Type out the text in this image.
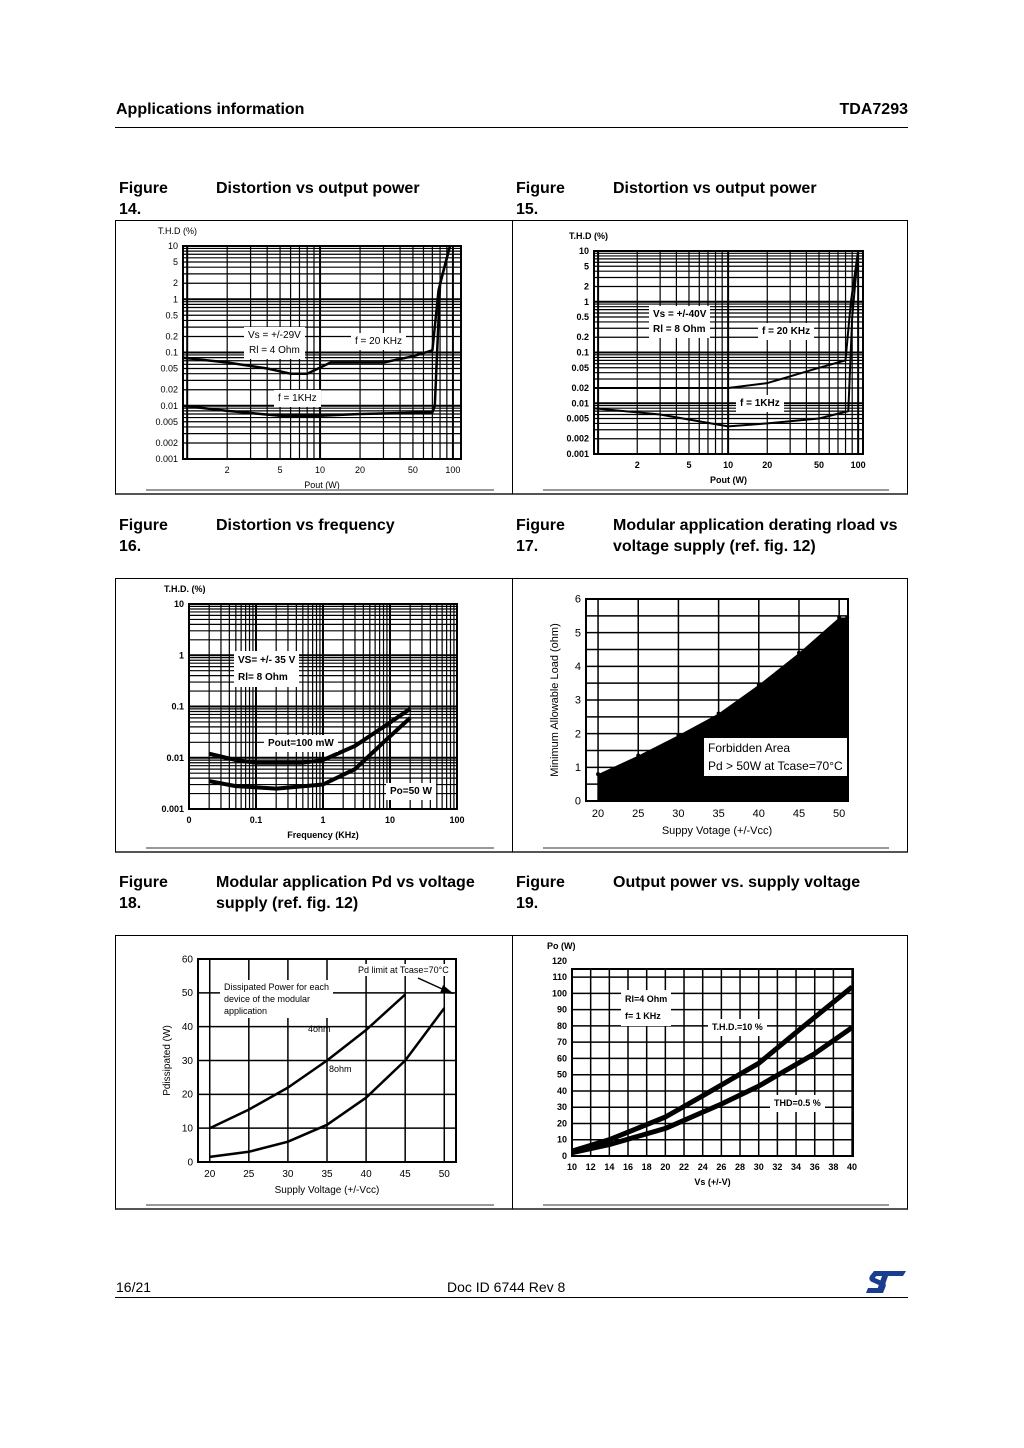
Applications information	TDA7293
Figure 14.
Distortion vs output power	Figure 15.
Distortion vs output power
Figure 16.
Distortion vs frequency	Figure 17.
Modular application derating rload vs voltage supply (ref. fig. 12)
Figure 18.
Modular application Pd vs voltage supply (ref. fig. 12)
Figure 19.
Output power vs. supply voltage
2	5	10	20	50	100
10
5
2
1
0.5
0.2
0.1
0.05
0.02
0.01
0.005
0.002
0.001
Pout (W)
T.H.D (%)
Vs = +/-29V
Rl = 4 Ohm
f = 20 KHz
f = 1KHz
2	5	10	20	50	100
10
5
2
1
0.5
0.2
0.1
0.05
0.02
0.01
0.005
0.002
0.001
Pout (W)
T.H.D (%)
Vs = +/-40V
Rl = 8 Ohm	f = 20 KHz
f = 1KHz
0	0.1	1	10	100
10
1
0.1
0.01
0.001
Frequency (KHz)
T.H.D. (%)
VS= +/- 35 V
Rl= 8 Ohm
Pout=100 mW
Po=50 W
20	25	30	35	40	45	50
0
1
2
3
4
5
6
Suppy Votage (+/-Vcc)
Minimum Allowable Load (ohm)	Forbidden Area
Pd > 50W at Tcase=70°C
20	25	30	35	40	45	50
0
10
20
30
40
50
60
Supply Voltage (+/-Vcc)
Pdissipated (W)
Dissipated Power for each
device of the modular
application
4ohm
8ohm
Pd limit at Tcase=70°C
10 12 14 16 18 20 22 24 26 28 30 32 34 36 38 40
0
10
20
30
40
50
60
70
80
90
100
110
120
Vs (+/-V)
Po (W)
Rl=4 Ohm
f= 1 KHz
T.H.D.=10 %
THD=0.5 %
16/21	Doc ID 6744 Rev 8
